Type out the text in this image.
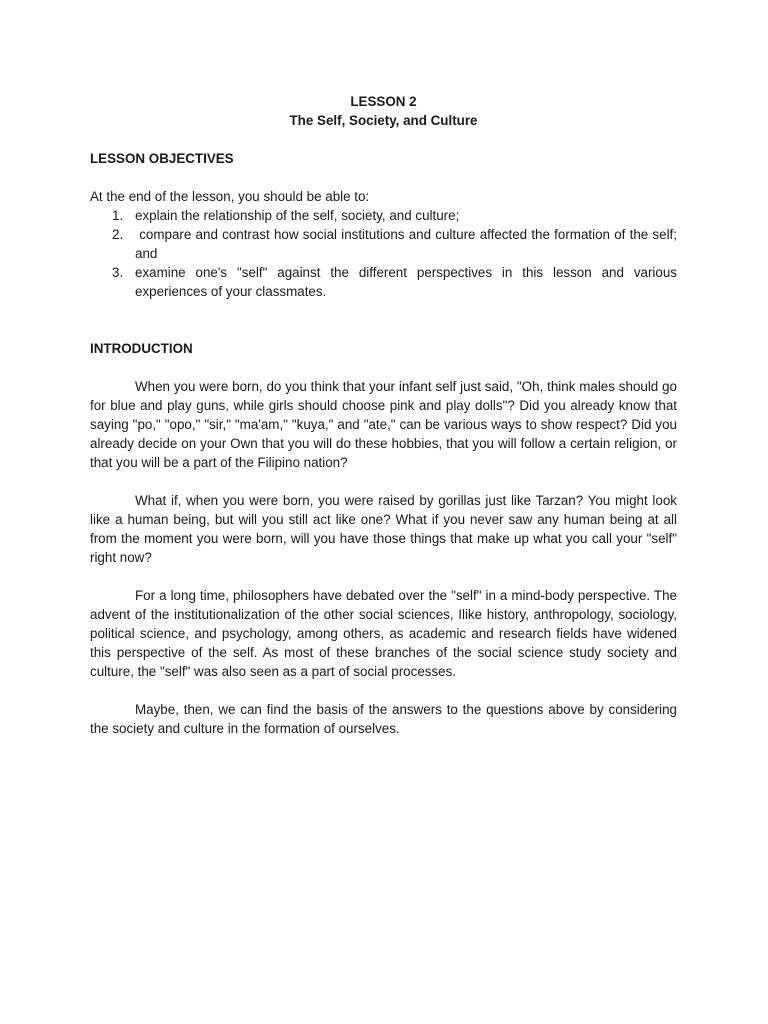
LESSON 2

The Self, Society, and Culture

LESSON OBJECTIVES

At the end of the lesson, you should be able to:

1. explain the relationship of the self, society, and culture;
2. compare and contrast how social institutions and culture affected the formation of the self; and
3. examine one's "self" against the different perspectives in this lesson and various experiences of your classmates.

INTRODUCTION

When you were born, do you think that your infant self just said, "Oh, think males should go for blue and play guns, while girls should choose pink and play dolls"? Did you already know that saying "po," "opo," "sir," "ma'am," "kuya," and "ate," can be various ways to show respect? Did you already decide on your Own that you will do these hobbies, that you will follow a certain religion, or that you will be a part of the Filipino nation?

What if, when you were born, you were raised by gorillas just like Tarzan? You might look like a human being, but will you still act like one? What if you never saw any human being at all from the moment you were born, will you have those things that make up what you call your "self" right now?

For a long time, philosophers have debated over the "self" in a mind-body perspective. The advent of the institutionalization of the other social sciences, Ilike history, anthropology, sociology, political science, and psychology, among others, as academic and research fields have widened this perspective of the self. As most of these branches of the social science study society and culture, the "self" was also seen as a part of social processes.

Maybe, then, we can find the basis of the answers to the questions above by considering the society and culture in the formation of ourselves.
